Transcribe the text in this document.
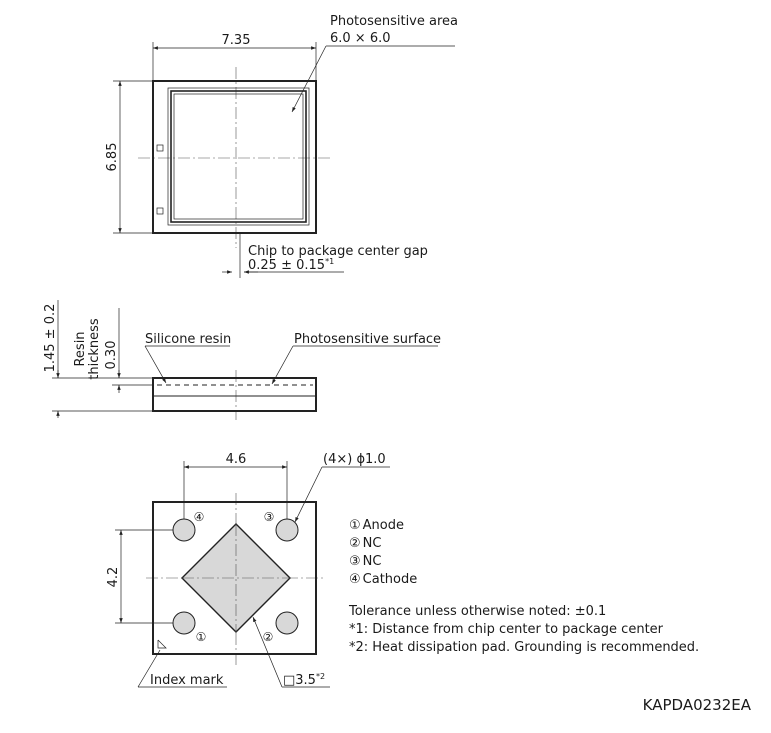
7.35
6.85
Photosensitive area
6.0 × 6.0
Chip to package center gap
$0.25 \pm 0.15^{*1}$
Silicone resin	Photosensitive surface
1.45 ± 0.2 Resin thickness 0.30
④	③
①	②
Index mark
4.6
4.2
(4×) ϕ1.0
□3.5$^{*2}$
① Anode
② NC
③ NC
④ Cathode
Tolerance unless otherwise noted: ±0.1
*1: Distance from chip center to package center
*2: Heat dissipation pad. Grounding is recommended.
KAPDA0232EA
